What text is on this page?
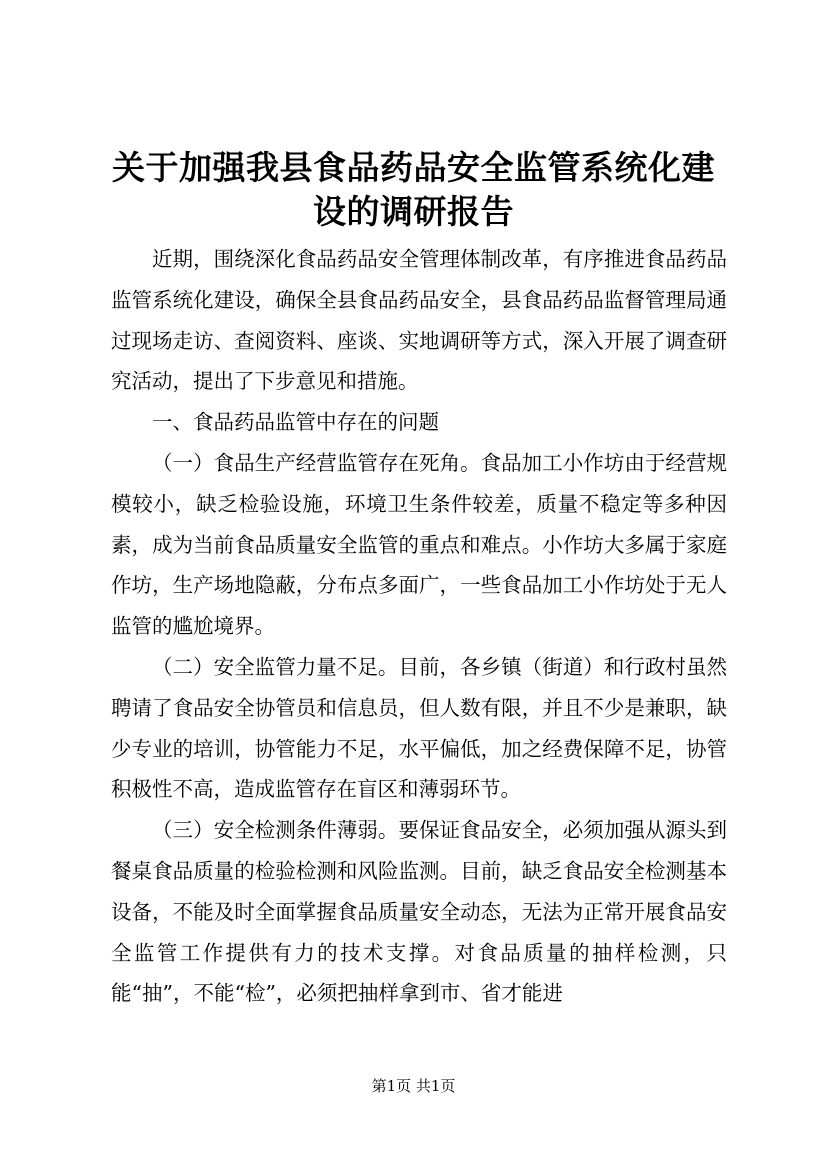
关于加强我县食品药品安全监管系统化建设的调研报告

近期，围绕深化食品药品安全管理体制改革，有序推进食品药品监管系统化建设，确保全县食品药品安全，县食品药品监督管理局通过现场走访、查阅资料、座谈、实地调研等方式，深入开展了调查研究活动，提出了下步意见和措施。

一、食品药品监管中存在的问题

（一）食品生产经营监管存在死角。食品加工小作坊由于经营规模较小，缺乏检验设施，环境卫生条件较差，质量不稳定等多种因素，成为当前食品质量安全监管的重点和难点。小作坊大多属于家庭作坊，生产场地隐蔽，分布点多面广，一些食品加工小作坊处于无人监管的尴尬境界。

（二）安全监管力量不足。目前，各乡镇（街道）和行政村虽然聘请了食品安全协管员和信息员，但人数有限，并且不少是兼职，缺少专业的培训，协管能力不足，水平偏低，加之经费保障不足，协管积极性不高，造成监管存在盲区和薄弱环节。

（三）安全检测条件薄弱。要保证食品安全，必须加强从源头到餐桌食品质量的检验检测和风险监测。目前，缺乏食品安全检测基本设备，不能及时全面掌握食品质量安全动态，无法为正常开展食品安全监管工作提供有力的技术支撑。对食品质量的抽样检测，只能“抽”，不能“检”，必须把抽样拿到市、省才能进

第1页 共1页
